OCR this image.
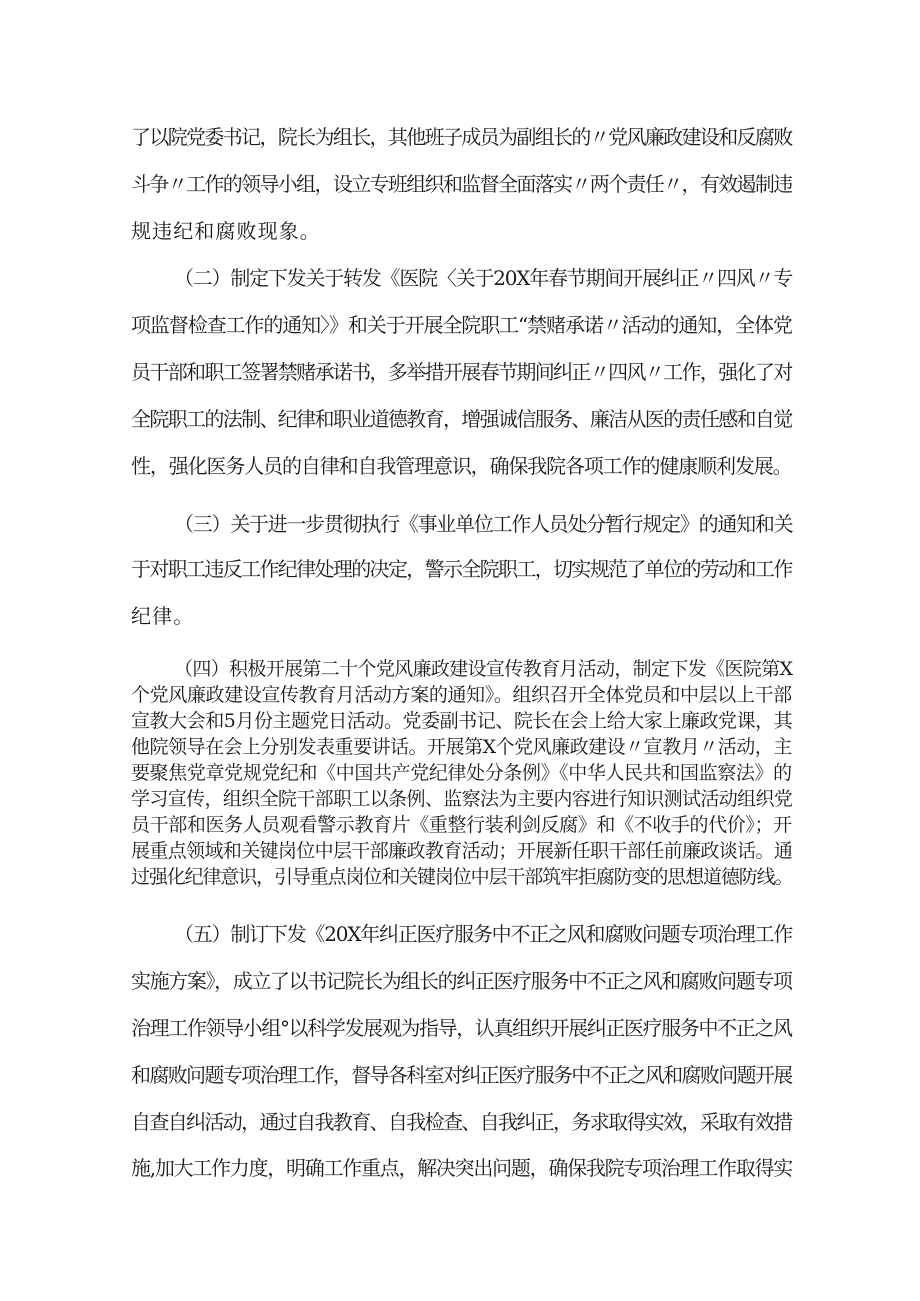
了以院党委书记，院长为组长，其他班子成员为副组长的〃党风廉政建设和反腐败

斗争〃工作的领导小组，设立专班组织和监督全面落实〃两个责任〃，有效遏制违

规违纪和腐败现象。

（二）制定下发关于转发《医院〈关于20X年春节期间开展纠正〃四风〃专

项监督检查工作的通知〉》和关于开展全院职工“禁赌承诺〃活动的通知，全体党

员干部和职工签署禁赌承诺书，多举措开展春节期间纠正〃四风〃工作，强化了对

全院职工的法制、纪律和职业道德教育，增强诚信服务、廉洁从医的责任感和自觉

性，强化医务人员的自律和自我管理意识，确保我院各项工作的健康顺利发展。

（三）关于进一步贯彻执行《事业单位工作人员处分暂行规定》的通知和关

于对职工违反工作纪律处理的决定，警示全院职工，切实规范了单位的劳动和工作

纪律。

（四）积极开展第二十个党风廉政建设宣传教育月活动，制定下发《医院第X

个党风廉政建设宣传教育月活动方案的通知》。组织召开全体党员和中层以上干部

宣教大会和5月份主题党日活动。党委副书记、院长在会上给大家上廉政党课，其

他院领导在会上分别发表重要讲话。开展第X个党风廉政建设〃宣教月〃活动，主

要聚焦党章党规党纪和《中国共产党纪律处分条例》《中华人民共和国监察法》的

学习宣传，组织全院干部职工以条例、监察法为主要内容进行知识测试活动组织党

员干部和医务人员观看警示教育片《重整行装利剑反腐》和《不收手的代价》；开

展重点领域和关键岗位中层干部廉政教育活动；开展新任职干部任前廉政谈话。通

过强化纪律意识，引导重点岗位和关键岗位中层干部筑牢拒腐防变的思想道德防线。

（五）制订下发《20X年纠正医疗服务中不正之风和腐败问题专项治理工作

实施方案》，成立了以书记院长为组长的纠正医疗服务中不正之风和腐败问题专项

治理工作领导小组°以科学发展观为指导，认真组织开展纠正医疗服务中不正之风

和腐败问题专项治理工作，督导各科室对纠正医疗服务中不正之风和腐败问题开展

自查自纠活动，通过自我教育、自我检查、自我纠正，务求取得实效，采取有效措

施,加大工作力度，明确工作重点，解决突出问题，确保我院专项治理工作取得实
